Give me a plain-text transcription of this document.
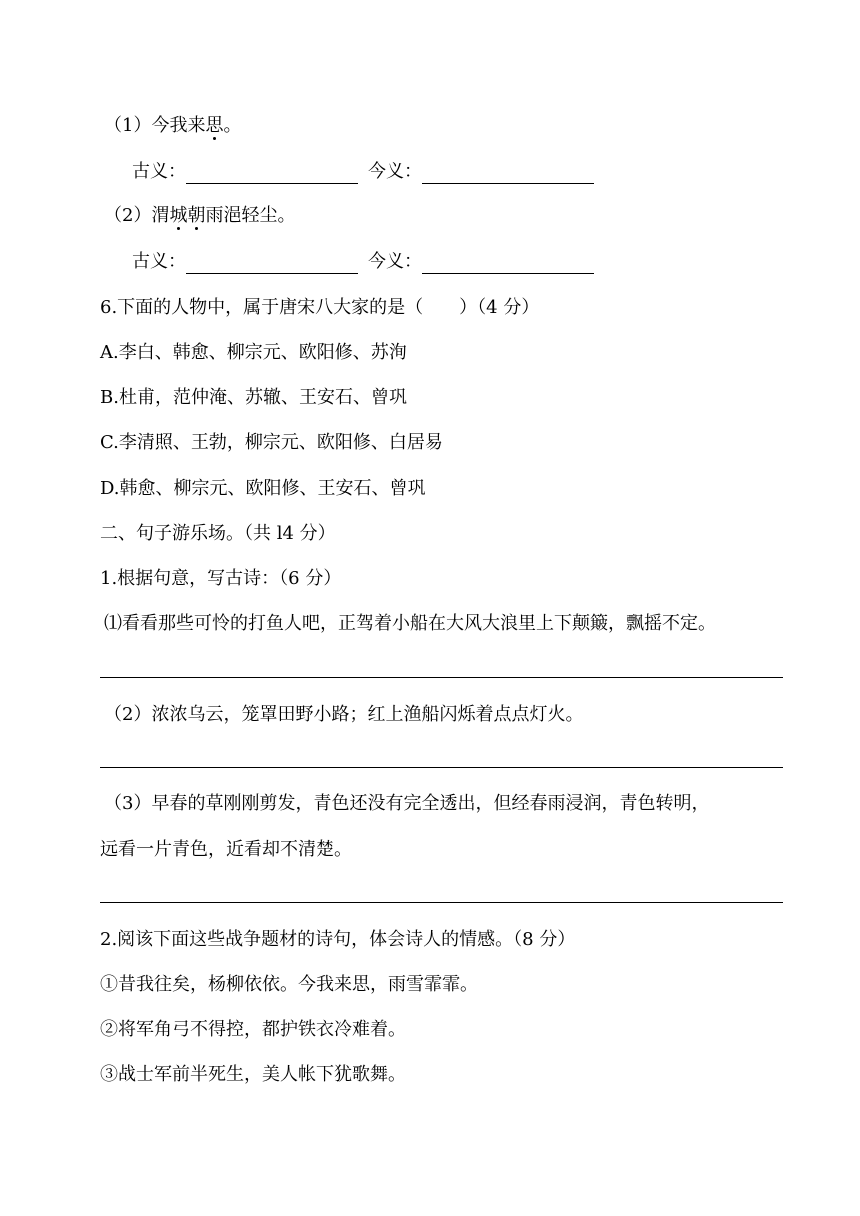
（1）今我来思。
古义：	今义：
（2）渭城朝雨浥轻尘。
古义：	今义：
6.下面的人物中，属于唐宋八大家的是（　　）（4 分）
A.李白、韩愈、柳宗元、欧阳修、苏洵
B.杜甫，范仲淹、苏辙、王安石、曾巩
C.李清照、王勃，柳宗元、欧阳修、白居易
D.韩愈、柳宗元、欧阳修、王安石、曾巩
二、句子游乐场。（共 l4 分）
1.根据句意，写古诗：（6 分）
⑴看看那些可怜的打鱼人吧，正驾着小船在大风大浪里上下颠簸，飘摇不定。
（2）浓浓乌云，笼罩田野小路；红上渔船闪烁着点点灯火。
（3）早春的草刚刚剪发，青色还没有完全透出，但经春雨浸润，青色转明，
远看一片青色，近看却不清楚。
2.阅该下面这些战争题材的诗句，体会诗人的情感。（8 分）
①昔我往矣，杨柳依依。今我来思，雨雪霏霏。
②将军角弓不得控，都护铁衣冷难着。
③战士军前半死生，美人帐下犹歌舞。
